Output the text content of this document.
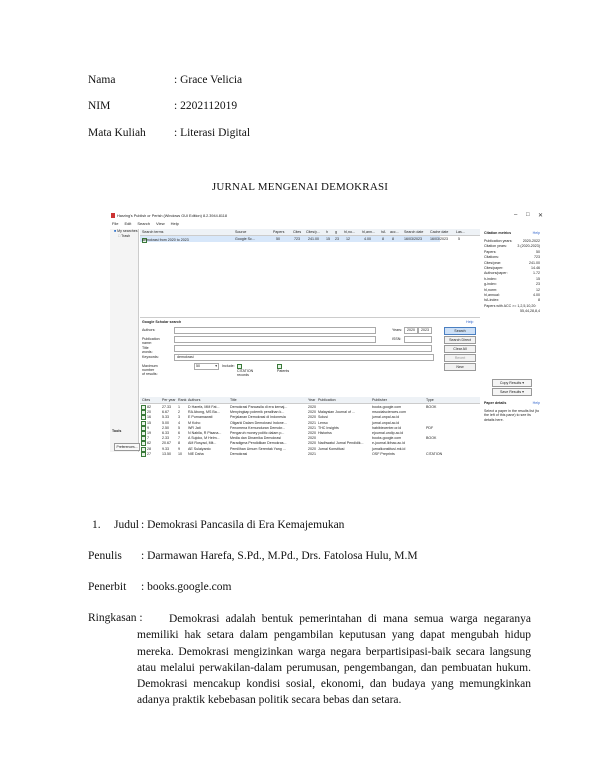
Nama	: Grace Velicia
NIM	: 2202112019
Mata Kuliah : Literasi Digital
JURNAL MENGENAI DEMOKRASI
Harzing's Publish or Perish (Windows GUI Edition) 8.2.3944.8118	– □ ✕
File Edit Search View Help
■ My searches
□ Trash
Tools
Preferences...
Search terms	Source	Papers Cites Cites/y... h g hI,no... hI,ann... hA acc... Search date Cache date Las...
demokrasi from 2020 to 2023	Google Sc...	50	723 241.00 15 23 12	4.00	8 8	16/03/2023 16/03/2023	5
Google Scholar search	Help
Authors:	Years:	2020	2023
Publication name:
ISSN:
Title words:
Keywords:	demokrasi
Maximum number of results:
50	▾ Include:
CITATION records
Patents
Search
Search Direct
Clear All
Revert
New
Cites	Per year Rank Authors	Title	Year Publication	Publisher	Type
82	27.33	1	D Harefa, MM Fat...	Demokrasi Pancasila di era kemaj...	2020	books.google.com	BOOK
20	6.67	2	RA Abong, MS Ba...	Menyingkap polemik peralihan k...	2020 Malaysian Journal of ...	msocialsciences.com
16	5.33	3	E Purnamawati	Perjalanan Demokrasi di Indonesia	2020 Solusi	jurnal.unpal.ac.id
15	5.00	4	M Koho	Oligarki Dalam Demokrasi Indone...	2021 Lenso	jurnal.unpal.ac.id
9	2.50	5	WR Jati	Fenomena Kemunduran Demokr...	2021 THC Insights	habibiecenter.or.id	PDF
19	6.33	6	N Nabila, R Pisana...	Pengaruh money politic dalam p...	2020 Historiss	ejournal.undip.ac.id
7	2.33	7	A Sujoko, M Helm...	Media dan Dinamika Demokrasi	2020	books.google.com	BOOK
62	20.67	8	AM Rosyad, Mit...	Paradigma Pendidikan Demokras...	2020 Nadhwatul Jurnal Pendidik...	e-journal.lkfnac.ac.id
28	9.33	9	AE Sulaiyanto	Pemilihan Umum Serentak Yang ...	2020 Jurnal Konstitusi	jurnalkonstitusi.mk.id
27	13.50	10	NIE Daha	Demokrasi	2021	OSF Preprints	CITATION
Citation metrics	Help
Publication years:	2020-2022
Citation years:	3 (2020-2023)
Papers:	50
Citations:	723
Cites/year:	241.00
Cites/paper:	14.46
Authors/paper:	1.72
h-index:	15
g-index:	23
hI,norm:	12
hI,annual:	4.00
hA-index:	8
Papers with ACC >= 1,2,5,10,20:
55,44,28,8,4
Copy Results ▾
Save Results ▾
Paper details	Help
Select a paper in the results list (to the left of this pane) to see its details here.
1. Judul : Demokrasi Pancasila di Era Kemajemukan
Penulis : Darmawan Harefa, S.Pd., M.Pd., Drs. Fatolosa Hulu, M.M
Penerbit : books.google.com
Ringkasan :	Demokrasi adalah bentuk pemerintahan di mana semua warga negaranya memiliki hak setara dalam pengambilan keputusan yang dapat mengubah hidup mereka. Demokrasi mengizinkan warga negara berpartisipasi-baik secara langsung atau melalui perwakilan-dalam perumusan, pengembangan, dan pembuatan hukum. Demokrasi mencakup kondisi sosial, ekonomi, dan budaya yang memungkinkan adanya praktik kebebasan politik secara bebas dan setara.
